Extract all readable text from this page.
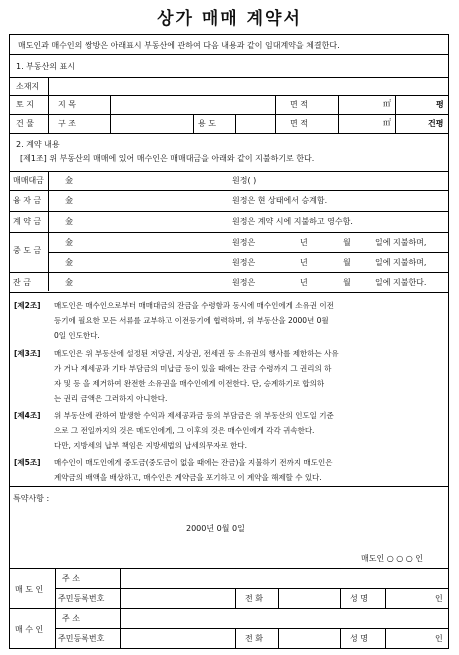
상가 매매 계약서
매도인과 매수인의 쌍방은 아래표시 부동산에 관하여 다음 내용과 같이 임대계약을 체결한다.
1. 부동산의 표시
소재지
토 지	지 목	면 적	㎡	평
건 물	구 조	용 도	면 적	㎡	건평
2. 계약 내용
[제1조] 위 부동산의 매매에 있어 매수인은 매매대금을 아래와 같이 지불하기로 한다.
매매대금	金	원정( )
융 자 금	金	원정은 현 상태에서 승계함.
계 약 금	金	원정은 계약 시에 지불하고 영수함.
중 도 금
金	원정은	년	월	일에 지불하며,
金	원정은	년	월	일에 지불하며,
잔 금	金	원정은	년	월	일에 지불한다.
[제2조] 매도인은 매수인으로부터 매매대금의 잔금을 수령함과 동시에 매수인에게 소유권 이전
등기에 필요한 모든 서류를 교부하고 이전등기에 협력하며, 위 부동산을 2000년 0월
0일 인도한다.
[제3조] 매도인은 위 부동산에 설정된 저당권, 지상권, 전세권 등 소유권의 행사를 제한하는 사유
가 거나 제세공과 기타 부담금의 미납금 등이 있을 때에는 잔금 수령까지 그 권리의 하
자 및 등 을 제거하여 완전한 소유권을 매수인에게 이전한다. 단, 승계하기로 합의하
는 권리 금액은 그러하지 아니한다.
[제4조] 위 부동산에 관하여 발생한 수익과 제세공과금 등의 부담금은 위 부동산의 인도일 기준
으로 그 전일까지의 것은 매도인에게, 그 이후의 것은 매수인에게 각각 귀속한다.
다만, 지방세의 납부 책임은 지방세법의 납세의무자로 한다.
[제5조] 매수인이 매도인에게 중도금(중도금이 없을 때에는 잔금)을 지불하기 전까지 매도인은
계약금의 배액을 배상하고, 매수인은 계약금을 포기하고 이 계약을 해제할 수 있다.
특약사항 :
2000년 0월 0일
매도인 ○ ○ ○ 인
매 도 인
주 소
주민등록번호	전 화	성 명	인
매 수 인
주 소
주민등록번호	전 화	성 명	인
